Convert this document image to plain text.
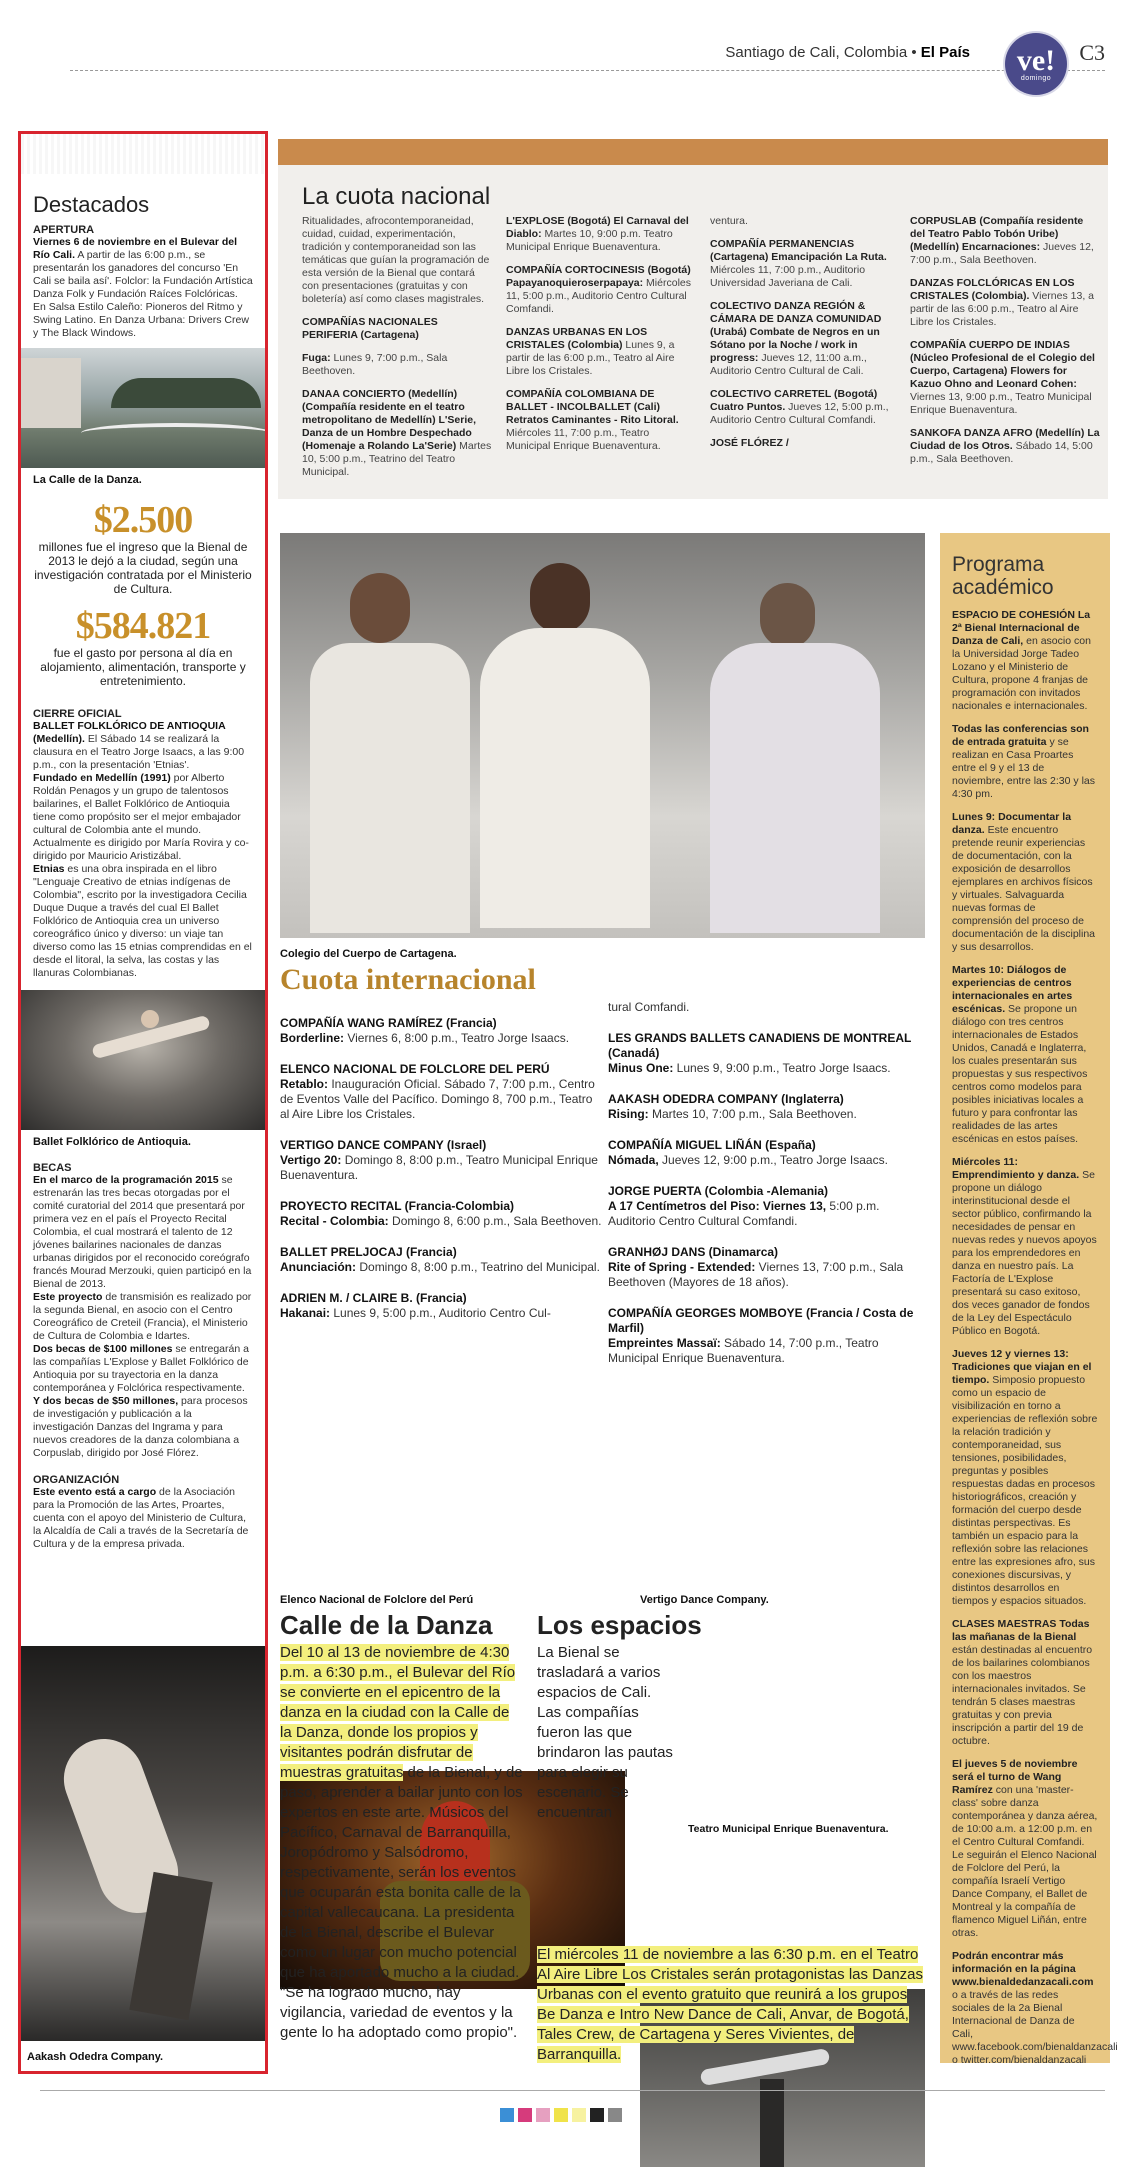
Santiago de Cali, Colombia • El País ve!
domingo
C3
Destacados
APERTURA

Viernes 6 de noviembre en el Bulevar del Río Cali. A partir de las 6:00 p.m., se presentarán los ganadores del concurso 'En Cali se baila así'. Folclor: la Fundación Artística Danza Folk y Fundación Raíces Folclóricas. En Salsa Estilo Caleño: Pioneros del Ritmo y Swing Latino. En Danza Urbana: Drivers Crew y The Black Windows.

La Calle de la Danza.
$2.500
millones fue el ingreso que la Bienal de 2013 le dejó a la ciudad, según una investigación contratada por el Ministerio de Cultura.
$584.821
fue el gasto por persona al día en alojamiento, alimentación, transporte y entretenimiento.
CIERRE OFICIAL

BALLET FOLKLÓRICO DE ANTIOQUIA (Medellín). El Sábado 14 se realizará la clausura en el Teatro Jorge Isaacs, a las 9:00 p.m., con la presentación 'Etnias'.

Fundado en Medellín (1991) por Alberto Roldán Penagos y un grupo de talentosos bailarines, el Ballet Folklórico de Antioquia tiene como propósito ser el mejor embajador cultural de Colombia ante el mundo. Actualmente es dirigido por María Rovira y co-dirigido por Mauricio Aristizábal.

Etnias es una obra inspirada en el libro "Lenguaje Creativo de etnias indígenas de Colombia", escrito por la investigadora Cecilia Duque Duque a través del cual El Ballet Folklórico de Antioquia crea un universo coreográfico único y diverso: un viaje tan diverso como las 15 etnias comprendidas en el desde el litoral, la selva, las costas y las llanuras Colombianas.

Ballet Folklórico de Antioquia.
BECAS

En el marco de la programación 2015 se estrenarán las tres becas otorgadas por el comité curatorial del 2014 que presentará por primera vez en el país el Proyecto Recital Colombia, el cual mostrará el talento de 12 jóvenes bailarines nacionales de danzas urbanas dirigidos por el reconocido coreógrafo francés Mourad Merzouki, quien participó en la Bienal de 2013.

Este proyecto de transmisión es realizado por la segunda Bienal, en asocio con el Centro Coreográfico de Creteil (Francia), el Ministerio de Cultura de Colombia e Idartes.

Dos becas de $100 millones se entregarán a las compañías L'Explose y Ballet Folklórico de Antioquia por su trayectoria en la danza contemporánea y Folclórica respectivamente.

Y dos becas de $50 millones, para procesos de investigación y publicación a la investigación Danzas del Ingrama y para nuevos creadores de la danza colombiana a Corpuslab, dirigido por José Flórez.

ORGANIZACIÓN

Este evento está a cargo de la Asociación para la Promoción de las Artes, Proartes, cuenta con el apoyo del Ministerio de Cultura, la Alcaldía de Cali a través de la Secretaría de Cultura y de la empresa privada.

Aakash Odedra Company.
La cuota nacional

Ritualidades, afrocontemporaneidad, cuidad, cuidad, experimentación, tradición y contemporaneidad son las temáticas que guían la programación de esta versión de la Bienal que contará con presentaciones (gratuitas y con boletería) así como clases magistrales.

COMPAÑÍAS NACIONALES PERIFERIA (Cartagena)

Fuga: Lunes 9, 7:00 p.m., Sala Beethoven.

DANAA CONCIERTO (Medellín) (Compañía residente en el teatro metropolitano de Medellín) L'Serie, Danza de un Hombre Despechado (Homenaje a Rolando La'Serie) Martes 10, 5:00 p.m., Teatrino del Teatro Municipal.

L'EXPLOSE (Bogotá) El Carnaval del Diablo: Martes 10, 9:00 p.m. Teatro Municipal Enrique Buenaventura.

COMPAÑÍA CORTOCINESIS (Bogotá) Papayanoquieroserpapaya: Miércoles 11, 5:00 p.m., Auditorio Centro Cultural Comfandi.

DANZAS URBANAS EN LOS CRISTALES (Colombia) Lunes 9, a partir de las 6:00 p.m., Teatro al Aire Libre los Cristales.

COMPAÑÍA COLOMBIANA DE BALLET - INCOLBALLET (Cali) Retratos Caminantes - Rito Litoral. Miércoles 11, 7:00 p.m., Teatro Municipal Enrique Buenaventura.

ventura.

COMPAÑÍA PERMANENCIAS (Cartagena) Emancipación La Ruta. Miércoles 11, 7:00 p.m., Auditorio Universidad Javeriana de Cali.

COLECTIVO DANZA REGIÓN & CÁMARA DE DANZA COMUNIDAD (Urabá) Combate de Negros en un Sótano por la Noche / work in progress: Jueves 12, 11:00 a.m., Auditorio Centro Cultural de Cali.

COLECTIVO CARRETEL (Bogotá) Cuatro Puntos. Jueves 12, 5:00 p.m., Auditorio Centro Cultural Comfandi.

JOSÉ FLÓREZ /

CORPUSLAB (Compañía residente del Teatro Pablo Tobón Uribe) (Medellín) Encarnaciones: Jueves 12, 7:00 p.m., Sala Beethoven.

DANZAS FOLCLÓRICAS EN LOS CRISTALES (Colombia). Viernes 13, a partir de las 6:00 p.m., Teatro al Aire Libre los Cristales.

COMPAÑÍA CUERPO DE INDIAS (Núcleo Profesional de el Colegio del Cuerpo, Cartagena) Flowers for Kazuo Ohno and Leonard Cohen: Viernes 13, 9:00 p.m., Teatro Municipal Enrique Buenaventura.

SANKOFA DANZA AFRO (Medellín) La Ciudad de los Otros. Sábado 14, 5:00 p.m., Sala Beethoven.

Colegio del Cuerpo de Cartagena.
Cuota internacional

COMPAÑÍA WANG RAMÍREZ (Francia)
Borderline: Viernes 6, 8:00 p.m., Teatro Jorge Isaacs.

ELENCO NACIONAL DE FOLCLORE DEL PERÚ
Retablo: Inauguración Oficial. Sábado 7, 7:00 p.m., Centro de Eventos Valle del Pacífico. Domingo 8, 700 p.m., Teatro al Aire Libre los Cristales.

VERTIGO DANCE COMPANY (Israel)
Vertigo 20: Domingo 8, 8:00 p.m., Teatro Municipal Enrique Buenaventura.

PROYECTO RECITAL (Francia-Colombia)
Recital - Colombia: Domingo 8, 6:00 p.m., Sala Beethoven.

BALLET PRELJOCAJ (Francia)
Anunciación: Domingo 8, 8:00 p.m., Teatrino del Municipal.

ADRIEN M. / CLAIRE B. (Francia)
Hakanai: Lunes 9, 5:00 p.m., Auditorio Centro Cul-

tural Comfandi.

LES GRANDS BALLETS CANADIENS DE MONTREAL (Canadá)
Minus One: Lunes 9, 9:00 p.m., Teatro Jorge Isaacs.

AAKASH ODEDRA COMPANY (Inglaterra)
Rising: Martes 10, 7:00 p.m., Sala Beethoven.

COMPAÑÍA MIGUEL LIÑÁN (España)
Nómada, Jueves 12, 9:00 p.m., Teatro Jorge Isaacs.

JORGE PUERTA (Colombia -Alemania)
A 17 Centímetros del Piso: Viernes 13, 5:00 p.m. Auditorio Centro Cultural Comfandi.

GRANHØJ DANS (Dinamarca)
Rite of Spring - Extended: Viernes 13, 7:00 p.m., Sala Beethoven (Mayores de 18 años).

COMPAÑÍA GEORGES MOMBOYE (Francia / Costa de Marfil)
Empreintes Massaï: Sábado 14, 7:00 p.m., Teatro Municipal Enrique Buenaventura.

Elenco Nacional de Folclore del Perú	Vertigo Dance Company.
Calle de la Danza

Del 10 al 13 de noviembre de 4:30 p.m. a 6:30 p.m., el Bulevar del Río se convierte en el epicentro de la danza en la ciudad con la Calle de la Danza, donde los propios y visitantes podrán disfrutar de muestras gratuitas de la Bienal, y de paso, aprender a bailar junto con los expertos en este arte. Músicos del Pacífico, Carnaval de Barranquilla, Joropódromo y Salsódromo, respectivamente, serán los eventos que ocuparán esta bonita calle de la capital vallecaucana. La presidenta de la Bienal, describe el Bulevar como un lugar con mucho potencial que ha aportado mucho a la ciudad. "Se ha logrado mucho, hay vigilancia, variedad de eventos y la gente lo ha adoptado como propio".

Los espacios

La Bienal se trasladará a varios espacios de Cali. Las compañías fueron las que brindaron las pautas para elegir su escenario. Se encuentran

Teatro Municipal Enrique Buenaventura.

El miércoles 11 de noviembre a las 6:30 p.m. en el Teatro Al Aire Libre Los Cristales serán protagonistas las Danzas Urbanas con el evento gratuito que reunirá a los grupos Be Danza e Intro New Dance de Cali, Anvar, de Bogotá, Tales Crew, de Cartagena y Seres Vivientes, de Barranquilla.

Programa académico

ESPACIO DE COHESIÓN La 2ª Bienal Internacional de Danza de Cali, en asocio con la Universidad Jorge Tadeo Lozano y el Ministerio de Cultura, propone 4 franjas de programación con invitados nacionales e internacionales.

Todas las conferencias son de entrada gratuita y se realizan en Casa Proartes entre el 9 y el 13 de noviembre, entre las 2:30 y las 4:30 pm.

Lunes 9: Documentar la danza. Este encuentro pretende reunir experiencias de documentación, con la exposición de desarrollos ejemplares en archivos físicos y virtuales. Salvaguarda nuevas formas de comprensión del proceso de documentación de la disciplina y sus desarrollos.

Martes 10: Diálogos de experiencias de centros internacionales en artes escénicas. Se propone un diálogo con tres centros internacionales de Estados Unidos, Canadá e Inglaterra, los cuales presentarán sus propuestas y sus respectivos centros como modelos para posibles iniciativas locales a futuro y para confrontar las realidades de las artes escénicas en estos países.

Miércoles 11: Emprendimiento y danza. Se propone un diálogo interinstitucional desde el sector público, confirmando la necesidades de pensar en nuevas redes y nuevos apoyos para los emprendedores en danza en nuestro país. La Factoría de L'Explose presentará su caso exitoso, dos veces ganador de fondos de la Ley del Espectáculo Público en Bogotá.

Jueves 12 y viernes 13: Tradiciones que viajan en el tiempo. Simposio propuesto como un espacio de visibilización en torno a experiencias de reflexión sobre la relación tradición y contemporaneidad, sus tensiones, posibilidades, preguntas y posibles respuestas dadas en procesos historiográficos, creación y formación del cuerpo desde distintas perspectivas. Es también un espacio para la reflexión sobre las relaciones entre las expresiones afro, sus conexiones discursivas, y distintos desarrollos en tiempos y espacios situados.

CLASES MAESTRAS Todas las mañanas de la Bienal están destinadas al encuentro de los bailarines colombianos con los maestros internacionales invitados. Se tendrán 5 clases maestras gratuitas y con previa inscripción a partir del 19 de octubre.

El jueves 5 de noviembre será el turno de Wang Ramírez con una 'master-class' sobre danza contemporánea y danza aérea, de 10:00 a.m. a 12:00 p.m. en el Centro Cultural Comfandi. Le seguirán el Elenco Nacional de Folclore del Perú, la compañía Israelí Vertigo Dance Company, el Ballet de Montreal y la compañía de flamenco Miguel Liñán, entre otras.

Podrán encontrar más información en la página www.bienaldedanzacali.com o a través de las redes sociales de la 2a Bienal Internacional de Danza de Cali, www.facebook.com/bienaldanzacali o twitter.com/bienaldanzacali
